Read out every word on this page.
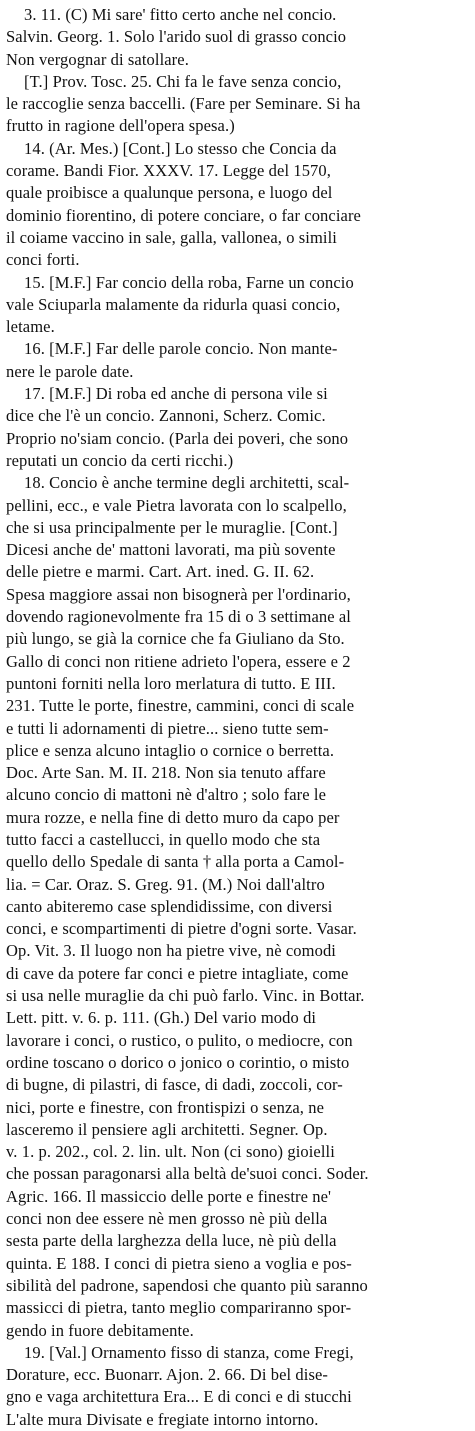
3. 11. (C) Mi sare' fitto certo anche nel concio.
Salvin. Georg. 1. Solo l'arido suol di grasso concio
Non vergognar di satollare.
[T.] Prov. Tosc. 25. Chi fa le fave senza concio,
le raccoglie senza baccelli. (Fare per Seminare. Si ha
frutto in ragione dell'opera spesa.)
14. (Ar. Mes.) [Cont.] Lo stesso che Concia da
corame. Bandi Fior. XXXV. 17. Legge del 1570,
quale proibisce a qualunque persona, e luogo del
dominio fiorentino, di potere conciare, o far conciare
il coiame vaccino in sale, galla, vallonea, o simili
conci forti.
15. [M.F.] Far concio della roba, Farne un concio
vale Sciuparla malamente da ridurla quasi concio,
letame.
16. [M.F.] Far delle parole concio. Non mante-
nere le parole date.
17. [M.F.] Di roba ed anche di persona vile si
dice che l'è un concio. Zannoni, Scherz. Comic.
Proprio no'siam concio. (Parla dei poveri, che sono
reputati un concio da certi ricchi.)
18. Concio è anche termine degli architetti, scal-
pellini, ecc., e vale Pietra lavorata con lo scalpello,
che si usa principalmente per le muraglie. [Cont.]
Dicesi anche de' mattoni lavorati, ma più sovente
delle pietre e marmi. Cart. Art. ined. G. II. 62.
Spesa maggiore assai non bisognerà per l'ordinario,
dovendo ragionevolmente fra 15 di o 3 settimane al
più lungo, se già la cornice che fa Giuliano da Sto.
Gallo di conci non ritiene adrieto l'opera, essere e 2
puntoni forniti nella loro merlatura di tutto. E III.
231. Tutte le porte, finestre, cammini, conci di scale
e tutti li adornamenti di pietre... sieno tutte sem-
plice e senza alcuno intaglio o cornice o berretta.
Doc. Arte San. M. II. 218. Non sia tenuto affare
alcuno concio di mattoni nè d'altro ; solo fare le
mura rozze, e nella fine di detto muro da capo per
tutto facci a castellucci, in quello modo che sta
quello dello Spedale di santa † alla porta a Camol-
lia. = Car. Oraz. S. Greg. 91. (M.) Noi dall'altro
canto abiteremo case splendidissime, con diversi
conci, e scompartimenti di pietre d'ogni sorte. Vasar.
Op. Vit. 3. Il luogo non ha pietre vive, nè comodi
di cave da potere far conci e pietre intagliate, come
si usa nelle muraglie da chi può farlo. Vinc. in Bottar.
Lett. pitt. v. 6. p. 111. (Gh.) Del vario modo di
lavorare i conci, o rustico, o pulito, o mediocre, con
ordine toscano o dorico o jonico o corintio, o misto
di bugne, di pilastri, di fasce, di dadi, zoccoli, cor-
nici, porte e finestre, con frontispizi o senza, ne
lasceremo il pensiere agli architetti. Segner. Op.
v. 1. p. 202., col. 2. lin. ult. Non (ci sono) gioielli
che possan paragonarsi alla beltà de'suoi conci. Soder.
Agric. 166. Il massiccio delle porte e finestre ne'
conci non dee essere nè men grosso nè più della
sesta parte della larghezza della luce, nè più della
quinta. E 188. I conci di pietra sieno a voglia e pos-
sibilità del padrone, sapendosi che quanto più saranno
massicci di pietra, tanto meglio compariranno spor-
gendo in fuore debitamente.
19. [Val.] Ornamento fisso di stanza, come Fregi,
Dorature, ecc. Buonarr. Ajon. 2. 66. Di bel dise-
gno e vaga architettura Era... E di conci e di stucchi
L'alte mura Divisate e fregiate intorno intorno.
